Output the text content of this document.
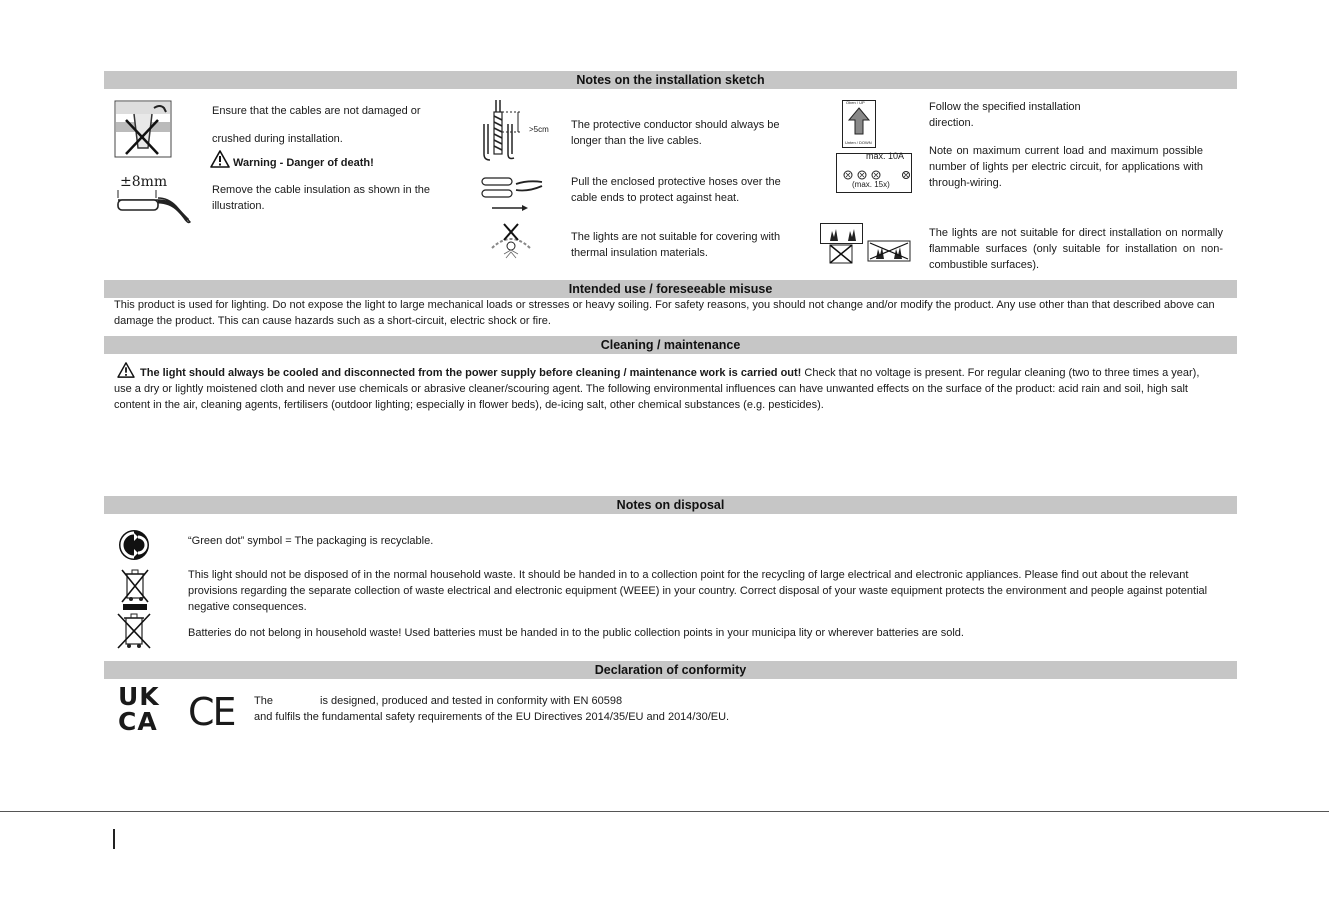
Notes on the installation sketch
Ensure that the cables are not damaged or
crushed during installation.
Warning - Danger of death!
±8mm	Remove the cable insulation as shown in the illustration.
>5cm The protective conductor should always be longer than the live cables.
Pull the enclosed protective hoses over the cable ends to protect against heat.
The lights are not suitable for covering with thermal insulation materials.
Oben / UP
Unten / DOWN
Follow the specified installation direction.
max. 10A
(max. 15x)
Note on maximum current load and maximum possible number of lights per electric circuit, for applications with through-wiring.
The lights are not suitable for direct installation on normally flammable surfaces (only suitable for installation on non-combustible surfaces).
Intended use / foreseeable misuse
This product is used for lighting. Do not expose the light to large mechanical loads or stresses or heavy soiling. For safety reasons, you should not change and/or modify the product. Any use other than that described above can damage the product. This can cause hazards such as a short-circuit, electric shock or fire.
Cleaning / maintenance
The light should always be cooled and disconnected from the power supply before cleaning / maintenance work is carried out! Check that no voltage is present. For regular cleaning (two to three times a year), use a dry or lightly moistened cloth and never use chemicals or abrasive cleaner/scouring agent. The following environmental influences can have unwanted effects on the surface of the product: acid rain and soil, high salt content in the air, cleaning agents, fertilisers (outdoor lighting; especially in flower beds), de-icing salt, other chemical substances (e.g. pesticides).
Notes on disposal
“Green dot” symbol = The packaging is recyclable.
This light should not be disposed of in the normal household waste. It should be handed in to a collection point for the recycling of large electrical and electronic appliances. Please find out about the relevant provisions regarding the separate collection of waste electrical and electronic equipment (WEEE) in your country. Correct disposal of your waste equipment protects the environment and people against potential negative consequences.
Batteries do not belong in household waste! Used batteries must be handed in to the public collection points in your municipa lity or wherever batteries are sold.
Declaration of conformity
UK
CA CE The	is designed, produced and tested in conformity with EN 60598
and fulfils the fundamental safety requirements of the EU Directives 2014/35/EU and 2014/30/EU.
